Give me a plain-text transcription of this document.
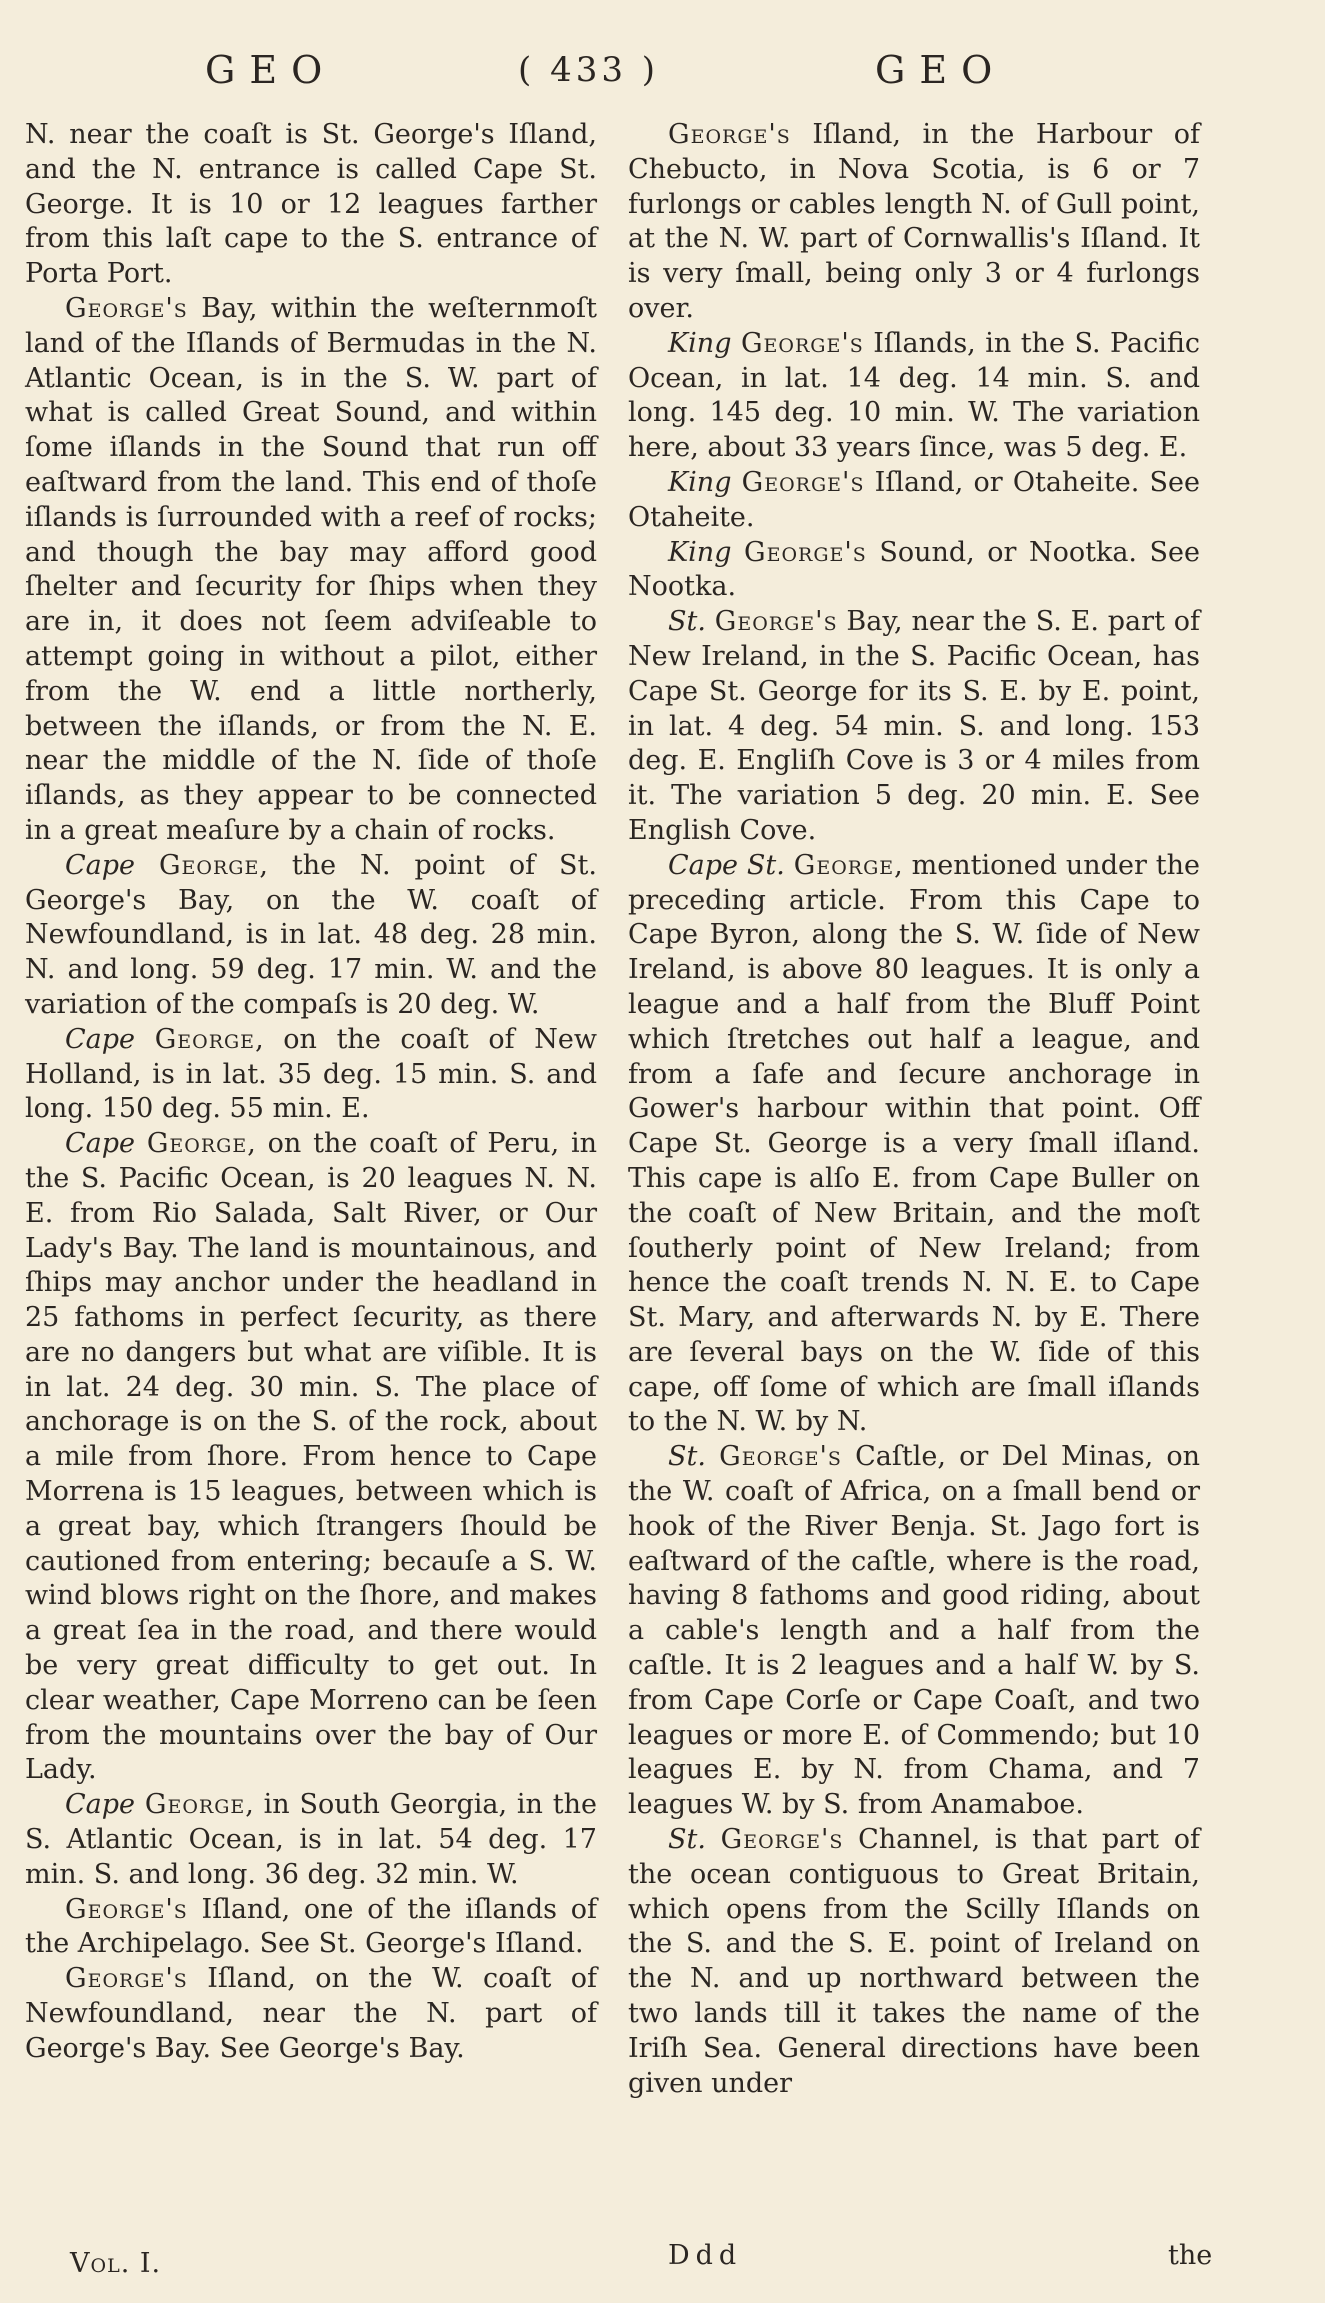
GEO	( 433 )	GEO

N. near the coaſt is St. George's Iſland, and the N. entrance is called Cape St. George. It is 10 or 12 leagues farther from this laſt cape to the S. entrance of Porta Port.

George's Bay, within the weſternmoſt land of the Iſlands of Bermudas in the N. Atlantic Ocean, is in the S. W. part of what is called Great Sound, and within ſome iſlands in the Sound that run off eaſtward from the land. This end of thoſe iſlands is ſurrounded with a reef of rocks; and though the bay may afford good ſhelter and ſecurity for ſhips when they are in, it does not ſeem adviſeable to attempt going in without a pilot, either from the W. end a little northerly, between the iſlands, or from the N. E. near the middle of the N. ſide of thoſe iſlands, as they appear to be connected in a great meaſure by a chain of rocks.

Cape George, the N. point of St. George's Bay, on the W. coaſt of Newfoundland, is in lat. 48 deg. 28 min. N. and long. 59 deg. 17 min. W. and the variation of the compaſs is 20 deg. W.

Cape George, on the coaſt of New Holland, is in lat. 35 deg. 15 min. S. and long. 150 deg. 55 min. E.

Cape George, on the coaſt of Peru, in the S. Pacific Ocean, is 20 leagues N. N. E. from Rio Salada, Salt River, or Our Lady's Bay. The land is mountainous, and ſhips may anchor under the headland in 25 fathoms in perfect ſecurity, as there are no dangers but what are viſible. It is in lat. 24 deg. 30 min. S. The place of anchorage is on the S. of the rock, about a mile from ſhore. From hence to Cape Morrena is 15 leagues, between which is a great bay, which ſtrangers ſhould be cautioned from entering; becauſe a S. W. wind blows right on the ſhore, and makes a great ſea in the road, and there would be very great difficulty to get out. In clear weather, Cape Morreno can be ſeen from the mountains over the bay of Our Lady.

Cape George, in South Georgia, in the S. Atlantic Ocean, is in lat. 54 deg. 17 min. S. and long. 36 deg. 32 min. W.

George's Iſland, one of the iſlands of the Archipelago. See St. George's Iſland.

George's Iſland, on the W. coaſt of Newfoundland, near the N. part of George's Bay. See George's Bay.

George's Iſland, in the Harbour of Chebucto, in Nova Scotia, is 6 or 7 furlongs or cables length N. of Gull point, at the N. W. part of Cornwallis's Iſland. It is very ſmall, being only 3 or 4 furlongs over.

King George's Iſlands, in the S. Pacific Ocean, in lat. 14 deg. 14 min. S. and long. 145 deg. 10 min. W. The variation here, about 33 years ſince, was 5 deg. E.

King George's Iſland, or Otaheite. See Otaheite.

King George's Sound, or Nootka. See Nootka.

St. George's Bay, near the S. E. part of New Ireland, in the S. Pacific Ocean, has Cape St. George for its S. E. by E. point, in lat. 4 deg. 54 min. S. and long. 153 deg. E. Engliſh Cove is 3 or 4 miles from it. The variation 5 deg. 20 min. E. See English Cove.

Cape St. George, mentioned under the preceding article. From this Cape to Cape Byron, along the S. W. ſide of New Ireland, is above 80 leagues. It is only a league and a half from the Bluff Point which ſtretches out half a league, and from a ſafe and ſecure anchorage in Gower's harbour within that point. Off Cape St. George is a very ſmall iſland. This cape is alſo E. from Cape Buller on the coaſt of New Britain, and the moſt ſoutherly point of New Ireland; from hence the coaſt trends N. N. E. to Cape St. Mary, and afterwards N. by E. There are ſeveral bays on the W. ſide of this cape, off ſome of which are ſmall iſlands to the N. W. by N.

St. George's Caſtle, or Del Minas, on the W. coaſt of Africa, on a ſmall bend or hook of the River Benja. St. Jago fort is eaſtward of the caſtle, where is the road, having 8 fathoms and good riding, about a cable's length and a half from the caſtle. It is 2 leagues and a half W. by S. from Cape Corſe or Cape Coaſt, and two leagues or more E. of Commendo; but 10 leagues E. by N. from Chama, and 7 leagues W. by S. from Anamaboe.

St. George's Channel, is that part of the ocean contiguous to Great Britain, which opens from the Scilly Iſlands on the S. and the S. E. point of Ireland on the N. and up northward between the two lands till it takes the name of the Iriſh Sea. General directions have been given under

Vol. I.	Ddd	the
